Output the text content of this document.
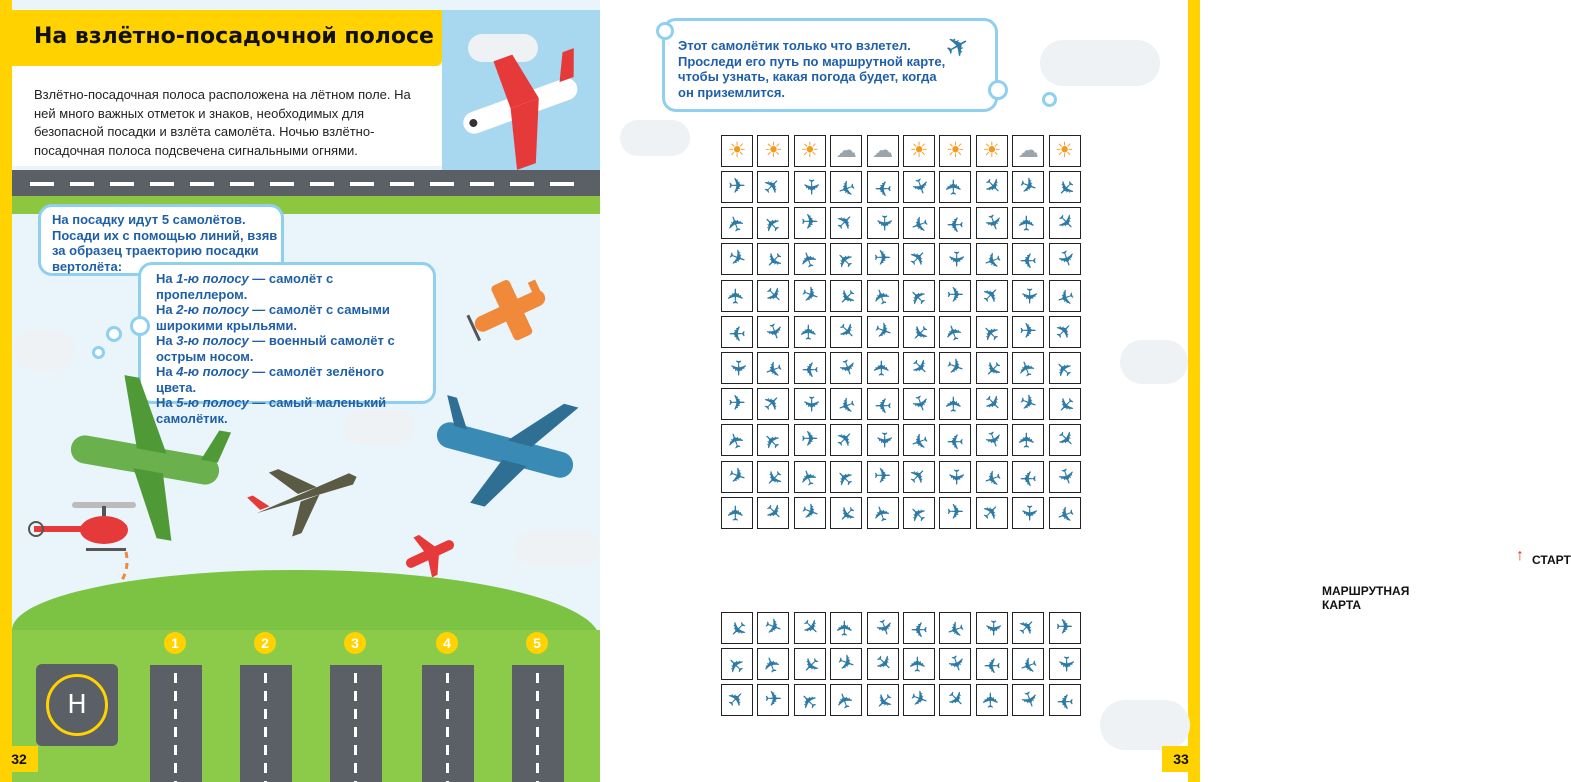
На взлётно-посадочной полосе
Взлётно-посадочная полоса расположена на лётном поле. На ней много важных отметок и знаков, необходимых для безопасной посадки и взлёта самолёта. Ночью взлётно-посадочная полоса подсвечена сигнальными огнями.
На посадку идут 5 самолётов.
Посади их с помощью линий, взяв
за образец траекторию посадки
вертолёта:
На 1-ю полосу — самолёт с пропеллером.
На 2-ю полосу — самолёт с самыми широкими крыльями.
На 3-ю полосу — военный самолёт с острым носом.
На 4-ю полосу — самолёт зелёного цвета.
На 5-ю полосу — самый маленький самолётик.
H
1	2	3	4	5
32
Этот самолётик только что взлетел. Проследи его путь по маршрутной карте, чтобы узнать, какая погода будет, когда он приземлится.
✈
↑ СТАРТ
МАРШРУТНАЯ КАРТА
33
☀ ☀ ☀ ☁ ☁ ☀ ☀ ☀ ☁ ☀
✈ ✈ ✈ ✈ ✈ ✈ ✈ ✈ ✈ ✈
✈ ✈ ✈ ✈ ✈ ✈ ✈ ✈ ✈ ✈
✈ ✈ ✈ ✈ ✈ ✈ ✈ ✈ ✈ ✈
✈ ✈ ✈ ✈ ✈ ✈ ✈ ✈ ✈ ✈
✈ ✈ ✈ ✈ ✈ ✈ ✈ ✈ ✈ ✈
✈ ✈ ✈ ✈ ✈ ✈ ✈ ✈ ✈ ✈
✈ ✈ ✈ ✈ ✈ ✈ ✈ ✈ ✈ ✈
✈ ✈ ✈ ✈ ✈ ✈ ✈ ✈ ✈ ✈
✈ ✈ ✈ ✈ ✈ ✈ ✈ ✈ ✈ ✈
✈ ✈ ✈ ✈ ✈ ✈ ✈ ✈ ✈ ✈
✈ ✈ ✈ ✈ ✈ ✈ ✈ ✈ ✈ ✈
✈ ✈ ✈ ✈ ✈ ✈ ✈ ✈ ✈ ✈
✈ ✈ ✈ ✈ ✈ ✈ ✈ ✈ ✈ ✈
